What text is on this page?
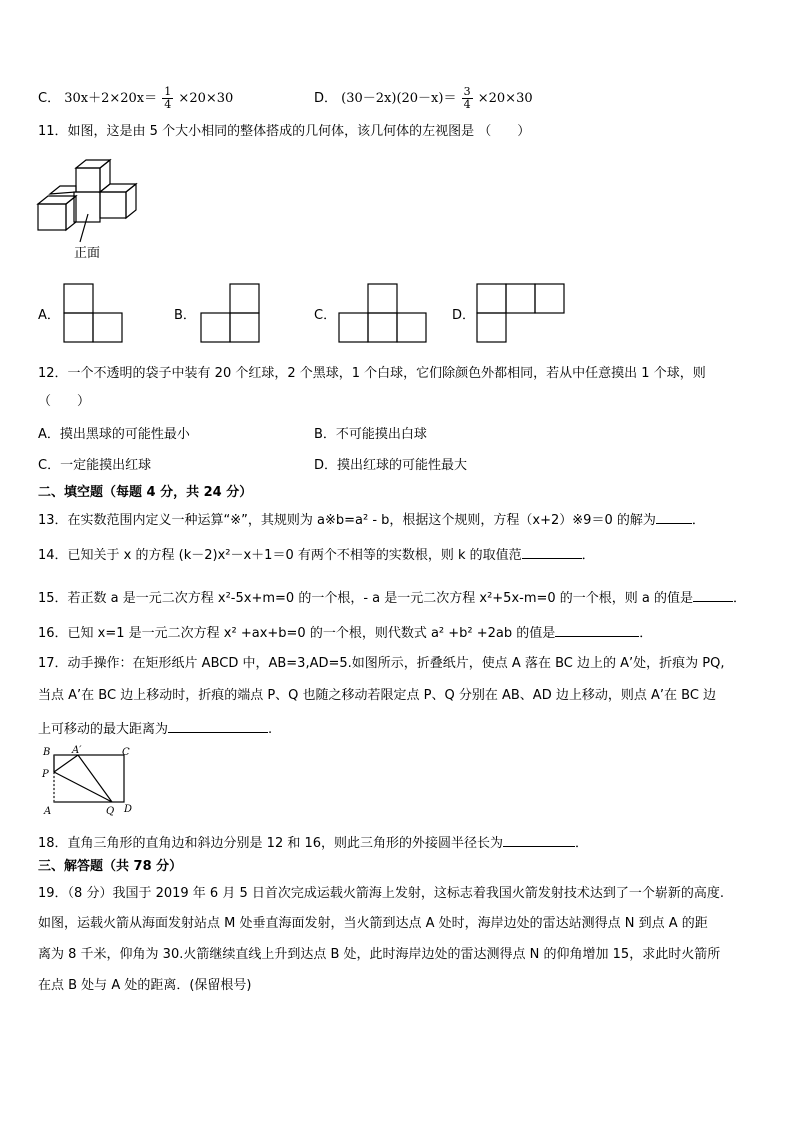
C． $30x+2\times 20x= \frac{1}{4} \times 20\times 30$	D． $(30-2x)(20-x)= \frac{3}{4} \times 20\times 30$
11．如图，这是由 5 个大小相同的整体搭成的几何体，该几何体的左视图是 （　　）
正面
A．	B．	C．	D．
12．一个不透明的袋子中装有 20 个红球，2 个黑球，1 个白球，它们除颜色外都相同，若从中任意摸出 1 个球，则
（　　）
A．摸出黑球的可能性最小	B．不可能摸出白球
C．一定能摸出红球	D．摸出红球的可能性最大
二、填空题（每题 4 分，共 24 分）
13．在实数范围内定义一种运算“※”，其规则为 a※b=a² - b，根据这个规则，方程（x+2）※9＝0 的解为	．
14．已知关于 x 的方程 (k－2)x²－x＋1＝0 有两个不相等的实数根，则 k 的取值范	．
15．若正数 a 是一元二次方程 x²-5x+m=0 的一个根，- a 是一元二次方程 x²+5x-m=0 的一个根，则 a 的值是	．
16．已知 x=1 是一元二次方程 x² +ax+b=0 的一个根，则代数式 a² +b² +2ab 的值是	．
17．动手操作：在矩形纸片 ABCD 中，AB=3,AD=5.如图所示，折叠纸片，使点 A 落在 BC 边上的 A’处，折痕为 PQ,
当点 A’在 BC 边上移动时，折痕的端点 P、Q 也随之移动若限定点 P、Q 分别在 AB、AD 边上移动，则点 A’在 BC 边
上可移动的最大距离为	.
B A′	C
P
A	Q D
18．直角三角形的直角边和斜边分别是 12 和 16，则此三角形的外接圆半径长为	．
三、解答题（共 78 分）
19．（8 分）我国于 2019 年 6 月 5 日首次完成运载火箭海上发射，这标志着我国火箭发射技术达到了一个崭新的高度.
如图，运载火箭从海面发射站点 M 处垂直海面发射，当火箭到达点 A 处时，海岸边处的雷达站测得点 N 到点 A 的距
离为 8 千米，仰角为 30.火箭继续直线上升到达点 B 处，此时海岸边处的雷达测得点 N 的仰角增加 15，求此时火箭所
在点 B 处与 A 处的距离．(保留根号)
